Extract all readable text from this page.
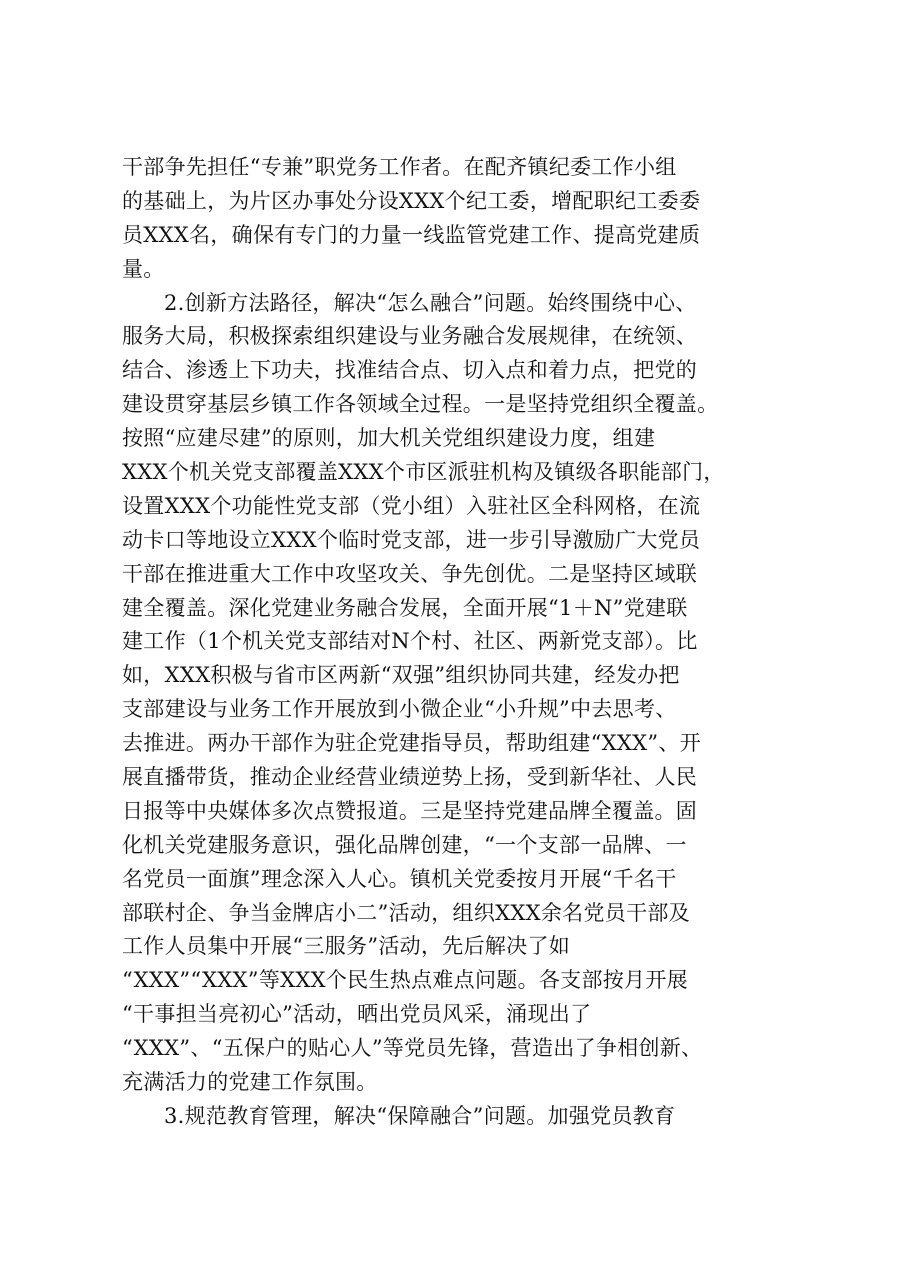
干部争先担任“专兼”职党务工作者。在配齐镇纪委工作小组
的基础上，为片区办事处分设XXX个纪工委，增配职纪工委委
员XXX名，确保有专门的力量一线监管党建工作、提高党建质
量。
2.创新方法路径，解决“怎么融合”问题。始终围绕中心、
服务大局，积极探索组织建设与业务融合发展规律，在统领、
结合、渗透上下功夫，找准结合点、切入点和着力点，把党的
建设贯穿基层乡镇工作各领域全过程。一是坚持党组织全覆盖。
按照“应建尽建”的原则，加大机关党组织建设力度，组建
XXX个机关党支部覆盖XXX个市区派驻机构及镇级各职能部门，
设置XXX个功能性党支部（党小组）入驻社区全科网格，在流
动卡口等地设立XXX个临时党支部，进一步引导激励广大党员
干部在推进重大工作中攻坚攻关、争先创优。二是坚持区域联
建全覆盖。深化党建业务融合发展，全面开展“1＋N”党建联
建工作（1个机关党支部结对N个村、社区、两新党支部）。比
如，XXX积极与省市区两新“双强”组织协同共建，经发办把
支部建设与业务工作开展放到小微企业“小升规”中去思考、
去推进。两办干部作为驻企党建指导员，帮助组建“XXX”、开
展直播带货，推动企业经营业绩逆势上扬，受到新华社、人民
日报等中央媒体多次点赞报道。三是坚持党建品牌全覆盖。固
化机关党建服务意识，强化品牌创建，“一个支部一品牌、一
名党员一面旗”理念深入人心。镇机关党委按月开展“千名干
部联村企、争当金牌店小二”活动，组织XXX余名党员干部及
工作人员集中开展“三服务”活动，先后解决了如
“XXX”“XXX”等XXX个民生热点难点问题。各支部按月开展
“干事担当亮初心”活动，晒出党员风采，涌现出了
“XXX”、“五保户的贴心人”等党员先锋，营造出了争相创新、
充满活力的党建工作氛围。
3.规范教育管理，解决“保障融合”问题。加强党员教育
